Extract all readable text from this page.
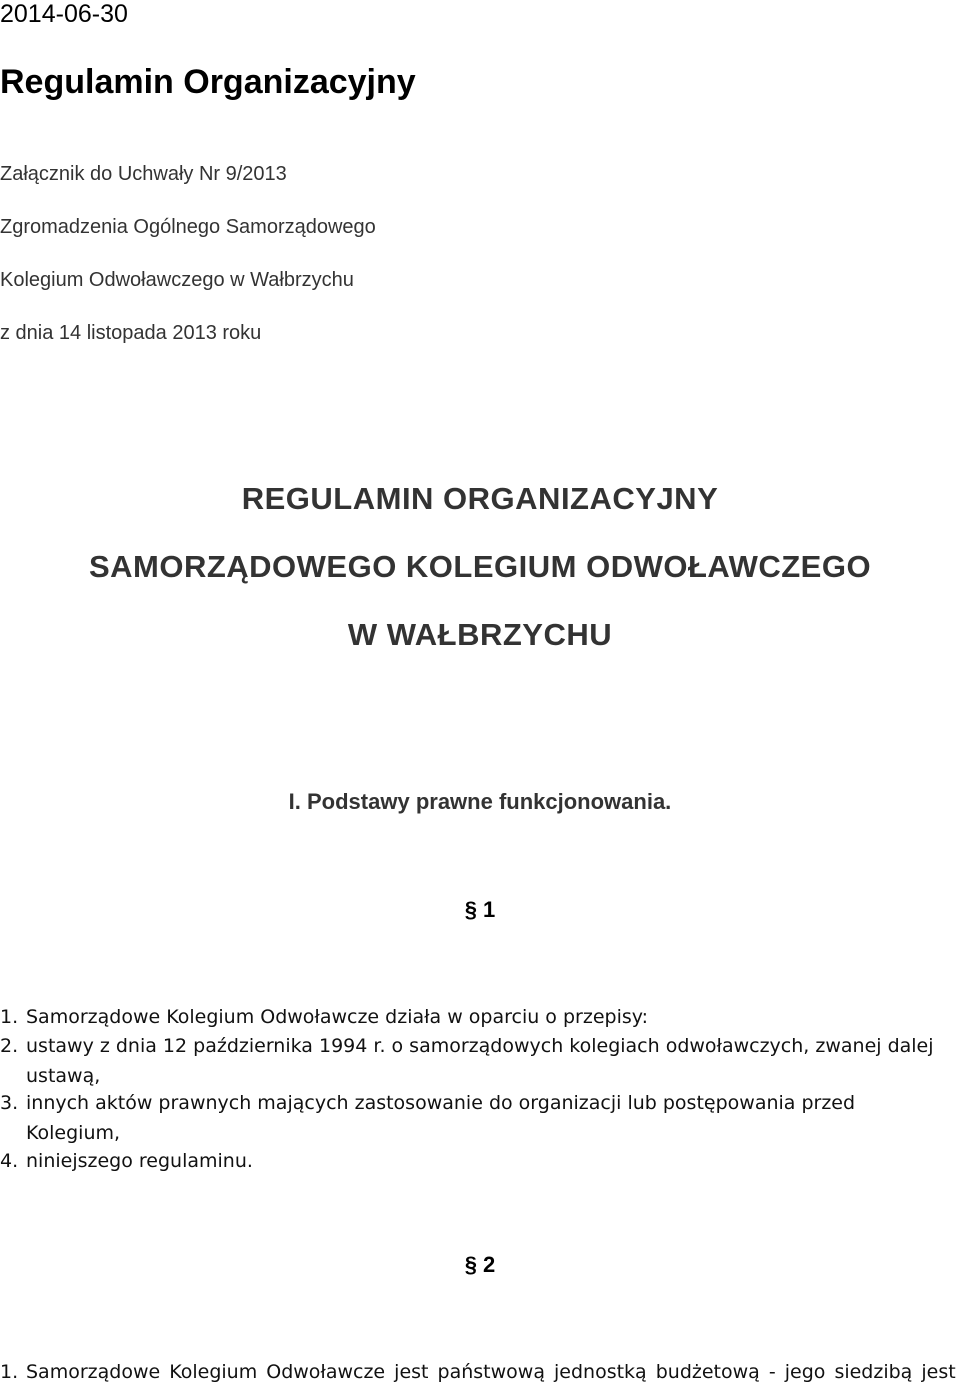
2014-06-30

Regulamin Organizacyjny

Załącznik do Uchwały Nr 9/2013

Zgromadzenia Ogólnego Samorządowego

Kolegium Odwoławczego w Wałbrzychu

z dnia 14 listopada 2013 roku

REGULAMIN ORGANIZACYJNY

SAMORZĄDOWEGO KOLEGIUM ODWOŁAWCZEGO

W WAŁBRZYCHU

I. Podstawy prawne funkcjonowania.

§ 1

1. Samorządowe Kolegium Odwoławcze działa w oparciu o przepisy:
2. ustawy z dnia 12 października 1994 r. o samorządowych kolegiach odwoławczych, zwanej dalej
ustawą,
3. innych aktów prawnych mających zastosowanie do organizacji lub postępowania przed
Kolegium,
4. niniejszego regulaminu.

§ 2

1. Samorządowe Kolegium Odwoławcze jest państwową jednostką budżetową - jego siedzibą jest
